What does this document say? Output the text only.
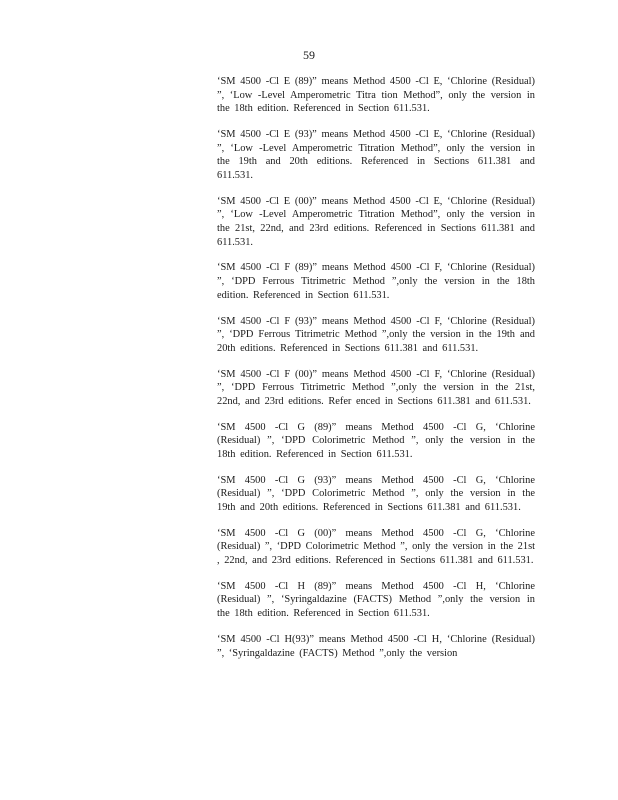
59

‘SM 4500 -Cl E (89)” means Method 4500 -Cl E, ‘Chlorine (Residual) ”, ‘Low -Level Amperometric Titra tion Method”, only the version in the 18th edition. Referenced in Section 611.531.

‘SM 4500 -Cl E (93)” means Method 4500 -Cl E, ‘Chlorine (Residual) ”, ‘Low -Level Amperometric Titration Method”, only the version in the 19th and 20th editions. Referenced in Sections 611.381 and 611.531.

‘SM 4500 -Cl E (00)” means Method 4500 -Cl E, ‘Chlorine (Residual) ”, ‘Low -Level Amperometric Titration Method”, only the version in the 21st, 22nd, and 23rd editions. Referenced in Sections 611.381 and 611.531.

‘SM 4500 -Cl F (89)” means Method 4500 -Cl F, ‘Chlorine (Residual) ”, ‘DPD Ferrous Titrimetric Method ”,only the version in the 18th edition. Referenced in Section 611.531.

‘SM 4500 -Cl F (93)” means Method 4500 -Cl F, ‘Chlorine (Residual) ”, ‘DPD Ferrous Titrimetric Method ”,only the version in the 19th and 20th editions. Referenced in Sections 611.381 and 611.531.

‘SM 4500 -Cl F (00)” means Method 4500 -Cl F, ‘Chlorine (Residual) ”, ‘DPD Ferrous Titrimetric Method ”,only the version in the 21st, 22nd, and 23rd editions. Refer enced in Sections 611.381 and 611.531.

‘SM 4500 -Cl G (89)” means Method 4500 -Cl G, ‘Chlorine (Residual) ”, ‘DPD Colorimetric Method ”, only the version in the 18th edition. Referenced in Section 611.531.

‘SM 4500 -Cl G (93)” means Method 4500 -Cl G, ‘Chlorine (Residual) ”, ‘DPD Colorimetric Method ”, only the version in the 19th and 20th editions. Referenced in Sections 611.381 and 611.531.

‘SM 4500 -Cl G (00)” means Method 4500 -Cl G, ‘Chlorine (Residual) ”, ‘DPD Colorimetric Method ”, only the version in the 21st , 22nd, and 23rd editions. Referenced in Sections 611.381 and 611.531.

‘SM 4500 -Cl H (89)” means Method 4500 -Cl H, ‘Chlorine (Residual) ”, ‘Syringaldazine (FACTS) Method ”,only the version in the 18th edition. Referenced in Section 611.531.

‘SM 4500 -Cl H(93)” means Method 4500 -Cl H, ‘Chlorine (Residual) ”, ‘Syringaldazine (FACTS) Method ”,only the version
